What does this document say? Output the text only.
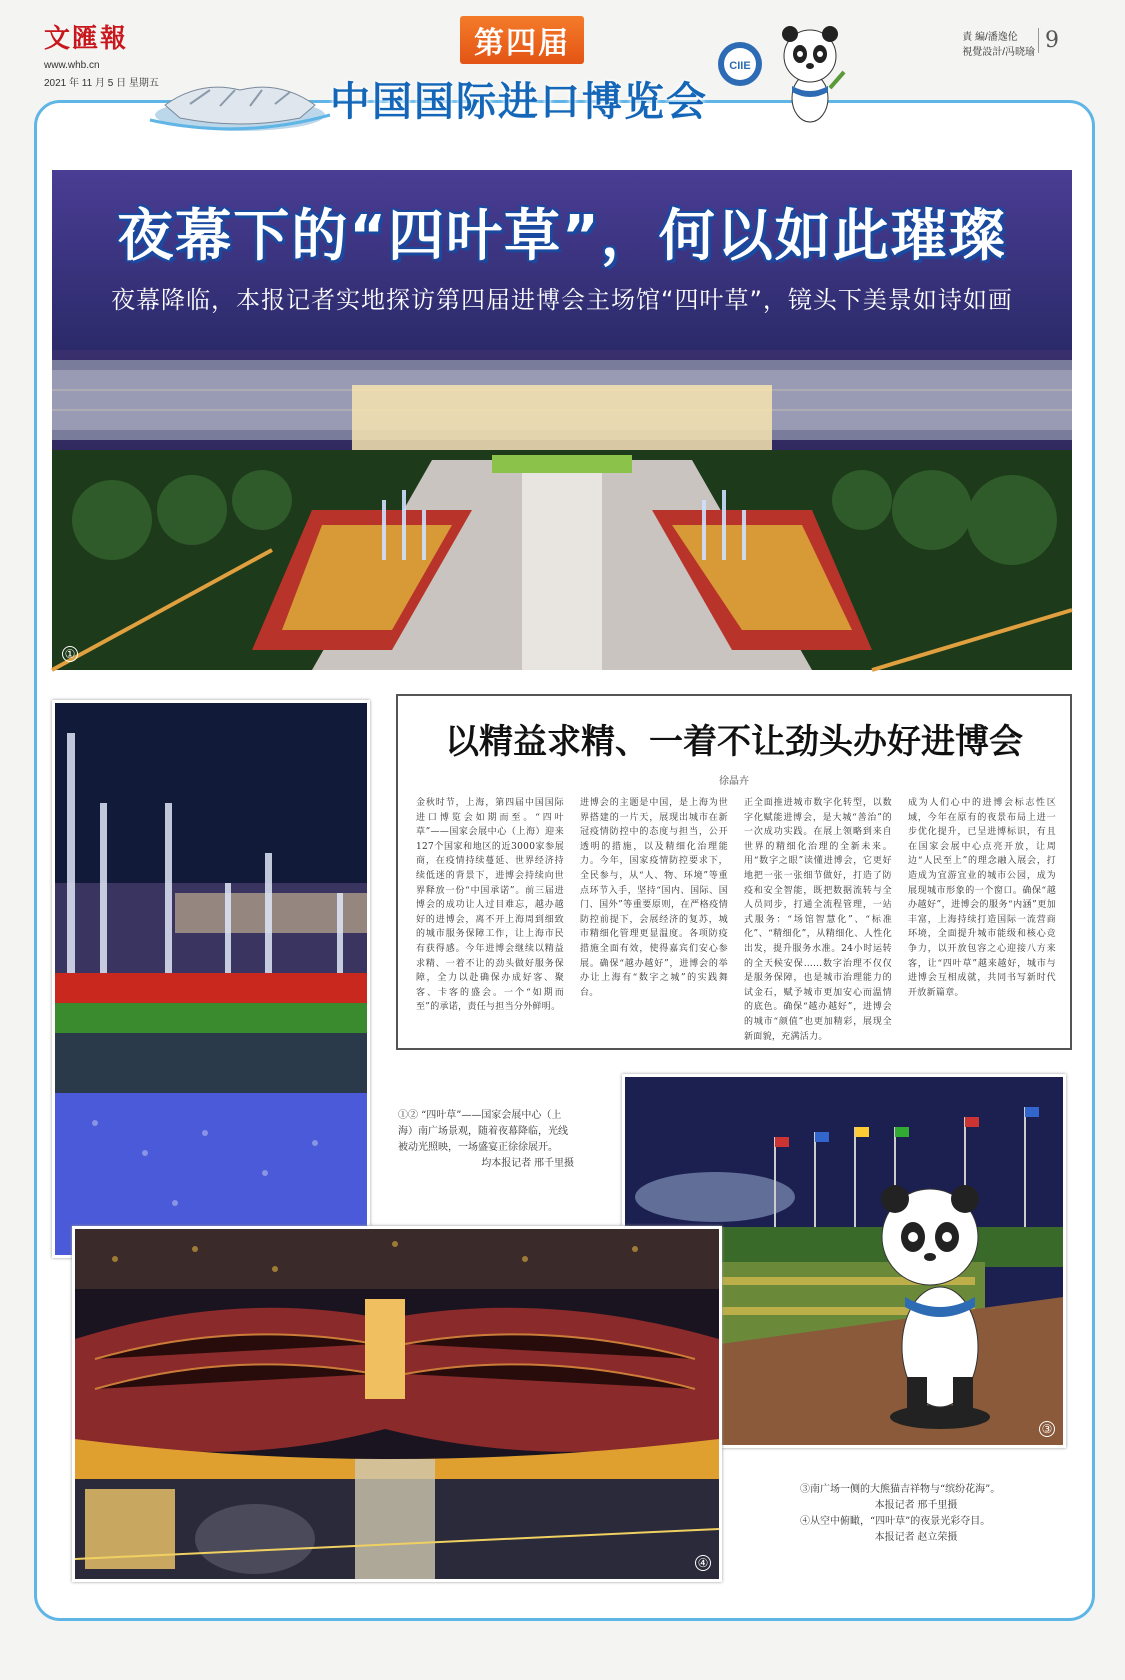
文匯報
www.whb.cn
2021 年 11 月 5 日 星期五
責 編/潘逸伦
視覺設計/冯晓瑜 9
第四届
中国国际进口博览会
CIIE
夜幕下的“四叶草”，何以如此璀璨
夜幕降临，本报记者实地探访第四届进博会主场馆“四叶草”，镜头下美景如诗如画
①
以精益求精、一着不让劲头办好进博会
徐晶卉
金秋时节，上海，第四届中国国际进口博览会如期而至。“四叶草”——国家会展中心（上海）迎来127个国家和地区的近3000家参展商，在疫情持续蔓延、世界经济持续低迷的背景下，进博会持续向世界释放一份“中国承诺”。前三届进博会的成功让人过目难忘，越办越好的进博会，离不开上海周到细致的城市服务保障工作，让上海市民有获得感。今年进博会继续以精益求精、一着不让的劲头做好服务保障，全力以赴确保办成好客、聚客、卡客的盛会。一个“如期而至”的承诺，责任与担当分外鲜明。
进博会的主题是中国，是上海为世界搭建的一片天，展现出城市在新冠疫情防控中的态度与担当，公开透明的措施，以及精细化治理能力。今年，国家疫情防控要求下，全民参与，从“人、物、环境”等重点环节入手，坚持“国内、国际、国门、国外”等重要原则，在严格疫情防控前提下，会展经济的复苏，城市精细化管理更显温度。各项防疫措施全面有效，使得嘉宾们安心参展。确保“越办越好”，进博会的举办让上海有“数字之城”的实践舞台。
正全面推进城市数字化转型，以数字化赋能进博会，是大城“善治”的一次成功实践。在展上领略到来自世界的精细化治理的全新未来。用“数字之眼”读懂进博会，它更好地把一张一张细节做好，打造了防疫和安全智能，既把数据流转与全人员同步，打通全流程管理，一站式服务：“场馆智慧化”、“标准化”、“精细化”，从精细化、人性化出发，提升服务水准。24小时运转的全天候安保……数字治理不仅仅是服务保障，也是城市治理能力的试金石，赋予城市更加安心而温情的底色。确保“越办越好”，进博会的城市“颜值”也更加精彩，展现全新面貌，充满活力。
成为人们心中的进博会标志性区域，今年在原有的夜景布局上进一步优化提升，已呈进博标识，有且在国家会展中心点亮开放，让周边“人民至上”的理念融入展会，打造成为宜游宜业的城市公园，成为展现城市形象的一个窗口。确保“越办越好”，进博会的服务“内涵”更加丰富，上海持续打造国际一流营商环境，全面提升城市能级和核心竞争力，以开放包容之心迎接八方来客，让“四叶草”越来越好，城市与进博会互相成就，共同书写新时代开放新篇章。
①② “四叶草”——国家会展中心（上海）南广场景观，随着夜幕降临，光线被动光照映，一场盛宴正徐徐展开。
均本报记者 邢千里摄
③
④
③南广场一侧的大熊猫吉祥物与“缤纷花海”。
本报记者 邢千里摄
④从空中俯瞰，“四叶草”的夜景光彩夺目。
本报记者 赵立荣摄
